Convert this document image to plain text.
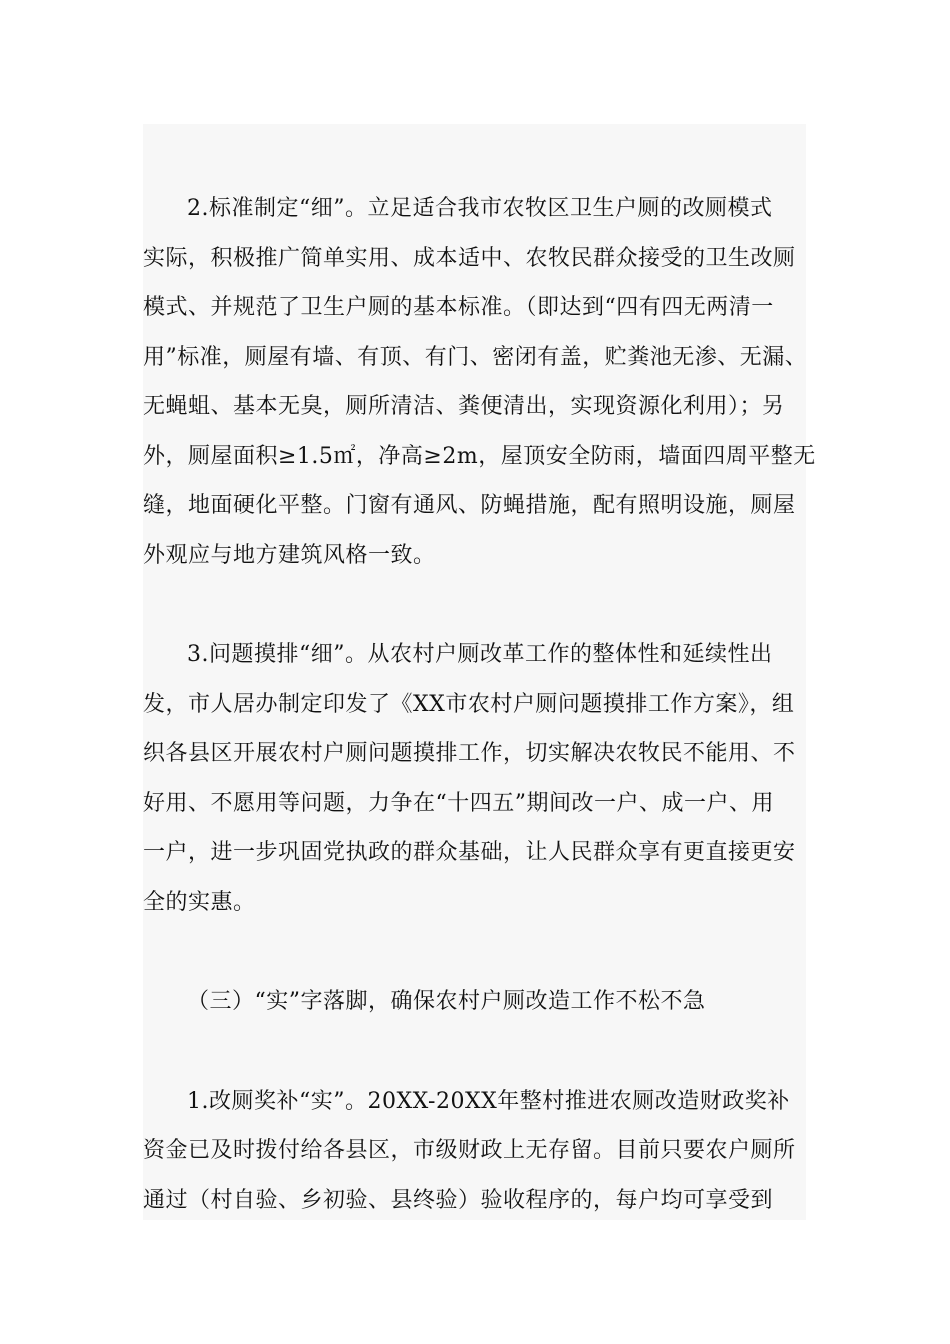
2.标准制定“细”。立足适合我市农牧区卫生户厕的改厕模式
实际，积极推广简单实用、成本适中、农牧民群众接受的卫生改厕
模式、并规范了卫生户厕的基本标准。（即达到“四有四无两清一
用”标准，厕屋有墙、有顶、有门、密闭有盖，贮粪池无渗、无漏、
无蝇蛆、基本无臭，厕所清洁、粪便清出，实现资源化利用）；另
外，厕屋面积≥1.5㎡，净高≥2m，屋顶安全防雨，墙面四周平整无
缝，地面硬化平整。门窗有通风、防蝇措施，配有照明设施，厕屋
外观应与地方建筑风格一致。
3.问题摸排“细”。从农村户厕改革工作的整体性和延续性出
发，市人居办制定印发了《XX市农村户厕问题摸排工作方案》，组
织各县区开展农村户厕问题摸排工作，切实解决农牧民不能用、不
好用、不愿用等问题，力争在“十四五”期间改一户、成一户、用
一户，进一步巩固党执政的群众基础，让人民群众享有更直接更安
全的实惠。
（三）“实”字落脚，确保农村户厕改造工作不松不急
1.改厕奖补“实”。20XX-20XX年整村推进农厕改造财政奖补
资金已及时拨付给各县区，市级财政上无存留。目前只要农户厕所
通过（村自验、乡初验、县终验）验收程序的，每户均可享受到
